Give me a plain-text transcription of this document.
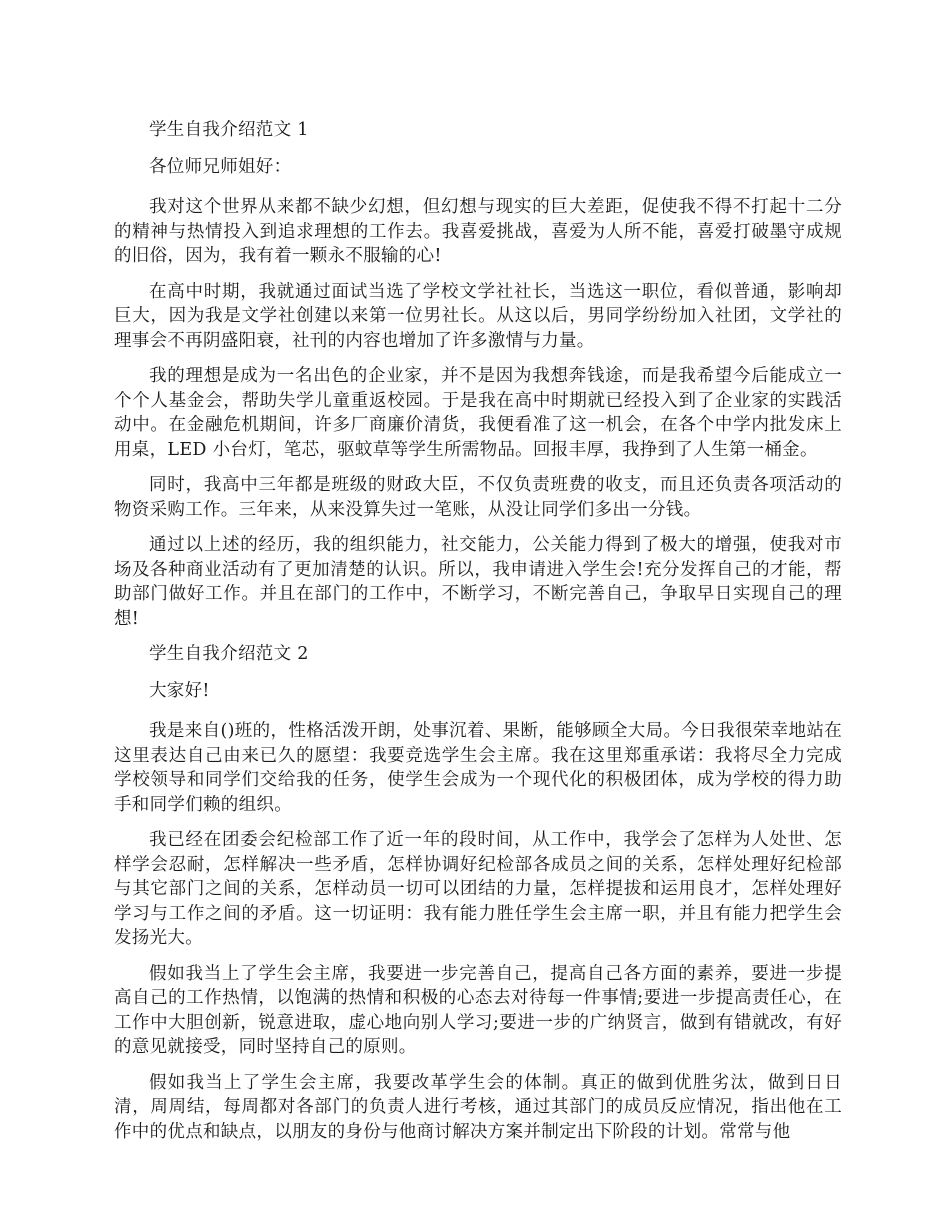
学生自我介绍范文 1

各位师兄师姐好：

我对这个世界从来都不缺少幻想，但幻想与现实的巨大差距，促使我不得不打起十二分的精神与热情投入到追求理想的工作去。我喜爱挑战，喜爱为人所不能，喜爱打破墨守成规的旧俗，因为，我有着一颗永不服输的心!

在高中时期，我就通过面试当选了学校文学社社长，当选这一职位，看似普通，影响却巨大，因为我是文学社创建以来第一位男社长。从这以后，男同学纷纷加入社团，文学社的理事会不再阴盛阳衰，社刊的内容也增加了许多激情与力量。

我的理想是成为一名出色的企业家，并不是因为我想奔钱途，而是我希望今后能成立一个个人基金会，帮助失学儿童重返校园。于是我在高中时期就已经投入到了企业家的实践活动中。在金融危机期间，许多厂商廉价清货，我便看准了这一机会，在各个中学内批发床上用桌，LED 小台灯，笔芯，驱蚊草等学生所需物品。回报丰厚，我挣到了人生第一桶金。

同时，我高中三年都是班级的财政大臣，不仅负责班费的收支，而且还负责各项活动的物资采购工作。三年来，从来没算失过一笔账，从没让同学们多出一分钱。

通过以上述的经历，我的组织能力，社交能力，公关能力得到了极大的增强，使我对市场及各种商业活动有了更加清楚的认识。所以，我申请进入学生会!充分发挥自己的才能，帮助部门做好工作。并且在部门的工作中，不断学习，不断完善自己，争取早日实现自己的理想!

学生自我介绍范文 2

大家好!

我是来自()班的，性格活泼开朗，处事沉着、果断，能够顾全大局。今日我很荣幸地站在这里表达自己由来已久的愿望：我要竞选学生会主席。我在这里郑重承诺：我将尽全力完成学校领导和同学们交给我的任务，使学生会成为一个现代化的积极团体，成为学校的得力助手和同学们赖的组织。

我已经在团委会纪检部工作了近一年的段时间，从工作中，我学会了怎样为人处世、怎样学会忍耐，怎样解决一些矛盾，怎样协调好纪检部各成员之间的关系，怎样处理好纪检部与其它部门之间的关系，怎样动员一切可以团结的力量，怎样提拔和运用良才，怎样处理好学习与工作之间的矛盾。这一切证明：我有能力胜任学生会主席一职，并且有能力把学生会发扬光大。

假如我当上了学生会主席，我要进一步完善自己，提高自己各方面的素养，要进一步提高自己的工作热情，以饱满的热情和积极的心态去对待每一件事情;要进一步提高责任心，在工作中大胆创新，锐意进取，虚心地向别人学习;要进一步的广纳贤言，做到有错就改，有好的意见就接受，同时坚持自己的原则。

假如我当上了学生会主席，我要改革学生会的体制。真正的做到优胜劣汰，做到日日清，周周结，每周都对各部门的负责人进行考核，通过其部门的成员反应情况，指出他在工作中的优点和缺点，以朋友的身份与他商讨解决方案并制定出下阶段的计划。常常与他
